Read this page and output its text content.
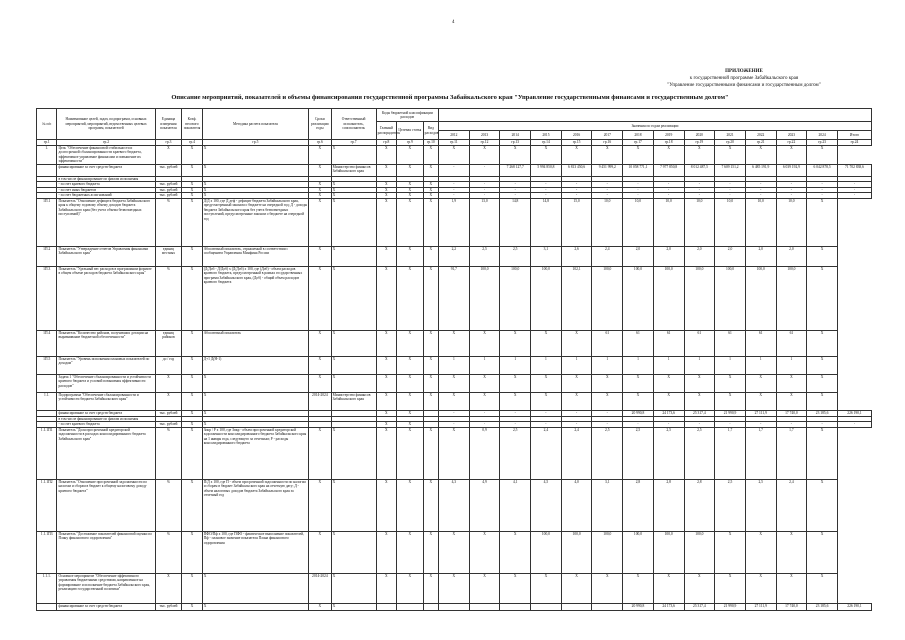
4
ПРИЛОЖЕНИЕ
к государственной программе Забайкальского края
"Управление государственными финансами и государственным долгом"
Описание мероприятий, показателей и объемы финансирования государственной программы Забайкальского края "Управление государственными финансами и государственным долгом"
№ п/п	Наименование целей, задач, подпрограмм, основных мероприятий, мероприятий, ведомственных целевых программ, показателей	Единица измерения показателя	Коэф. весового показателя	Методика расчета показателя	Сроки реализации годы	Ответственный исполнитель, соисполнитель	Коды бюджетной классификации расходов																
							Главный распорядитель	Целевая статья	Вид расходов	Значения по годам реализации													
										2012	2013	2014	2015	2016	2017	2018	2019	2020	2021	2022	2023	2024	Итого
гр.1	гр.2	гр.3	гр.4	гр.5	гр.6	гр.7	гр.8	гр.9	гр.10	гр.11	гр.12	гр.13	гр.14	гр.15	гр.16	гр.17	гр.18	гр.19	гр.20	гр.21	гр.22	гр.23	гр.24
1.	Цель "Обеспечение финансовой стабильности и долгосрочной сбалансированности краевого бюджета, эффективное управление финансами и повышение их эффективности"	X	X	X	X	X	X	X	X	X	X	X	X	X	X	X	X	X	X	X	X	X	
	финансирование за счет средств бюджета	тыс. рублей	X	X	X	Министерство финансов Забайкальского края	X	X	X	-	-	7 268 127,7	5 994 850,8	6 813 450,6	9 451 999,2	10 058 771,1	7 977 850,8	8 012 487,5	7 609 151,2	6 485 191,9	6 039 192,9	6 042 878,5	71 702 838,6
	в том числе финансирование по фактам исполнения																						
	- за счет краевого бюджета	тыс. рублей	X	X	X	X	X	X	X	-	-	-	-	-	-	-	-	-	-	-	-	-	-
	- за счет иных бюджетов	тыс. рублей	X	X	X	X	X	X	X	-	-	-	-	-	-	-	-	-	-	-	-	-	-
	- за счет бюджетных ассигнований	тыс. рублей	X	X	X	X	X	X	X	-	-	-	-	-	-	-	-	-	-	-	-	-	-
1П.1	Показатель "Отношение дефицита бюджета Забайкальского края к общему годовому объему доходов бюджета Забайкальского края (без учета объема безвозмездных поступлений)"	%	X	Д/Д х 100, где Д деф - дефицит бюджета Забайкальского края, предусмотренный законом о бюджете на очередной год; Д - доходы бюджета Забайкальского края без учета безвозмездных поступлений, предусмотренные законом о бюджете на очередной год	X	X	X	X	X	1,9	13,0	14,8	14,8	15,0	10,0	10,0	10,0	10,0	10,0	10,0	10,0	X	
1П.2	Показатель "Утверждение отчетов Управления финансами Забайкальского края"	единиц местных	X	Абсолютный показатель, отражаемый в соответствии с сообщением Управления Минфина России	X	X	X	X	X	2,2	2,5	2,5	3,1	2,6	2,4	2,0	2,0	2,0	2,0	2,0	2,0	X	
1П.3	Показатель "Удельный вес расходов в программном формате в общем объеме расходов бюджета Забайкальского края"	%	X	(Д/Доб - Д/Доб) х (Д/Доб) х 100, где (Доб) - объем расходов краевого бюджета, предусмотренный в рамках государственных программ Забайкальского края, (Доб) - общий объем расходов краевого бюджета	X	X	X	X	X	91,7	100,0	100,0	100,0	102,1	100,0	100,0	100,0	100,0	100,0	100,0	100,0	X	
1П.4	Показатель "Количество районов, получивших дотации на выравнивание бюджетной обеспеченности"	единиц районов	X	Абсолютный показатель	X	X	X	X	X	X	X	X	X	X	61	61	61	61	61	61	61	X	
1П.5	Показатель "Уровень исполнения плановых показателей по доходам"	до / год	X	Д+1 Д(Н-1)	X	X	X	X	X	1	1	1	1	1	1	1	1	1	1	1	1	X	
	Задача 1 "Обеспечение сбалансированности и устойчивости краевого бюджета и условий повышения эффективности расходов"	X	X	X	X	X	X	X	X	X	X	X	X	X	X	X	X	X	X	X	X	X	
1.1.	Подпрограмма "Обеспечение сбалансированности и устойчивости бюджета Забайкальского края"	X	X	X	2014-2024	Министерство финансов Забайкальского края	X	X	X	X	X	X	X	X	X	X	X	X	X	X	X	X	
	финансирование за счет средств бюджета	тыс. рублей	X	X			X	X		-	-	-	-	-	-	20 990,8	24 173,6	25 317,4	21 990,9	27 111,9	17 740,0	23 185,6	226 190,1
	в том числе финансирование по фактам исполнения																						
	- за счет краевого бюджета	тыс. рублей	X	X			X	X		-	-	-	-	-	-	-	-	-	-	-	-	-	-
1.1.1П1	Показатель "Доля просроченной кредиторской задолженности в расходах консолидированного бюджета Забайкальского края"	%	X	Зпкр / Р х 100, где Зпкр - объем просроченной кредиторской задолженности консолидированного бюджета Забайкальского края на 1 января года, следующего за отчетным; Р - расходы консолидированного бюджета	X	X	X	X	X	X	0,9	2,5	2,4	2,4	2,5	2,5	2,5	2,5	1,7	1,7	1,7	X	
1.1.1П2	Показатель "Отношение просроченной задолженности по налогам и сборам в бюджет к общему налоговому доходу краевого бюджета"	%	X	П/Д х 100, где П - объем просроченной задолженности по налогам и сборам в бюджет Забайкальского края на отчетную дату; Д - объем налоговых доходов бюджета Забайкальского края за отчетный год	X	X	X	X	X	4,3	4,9	4,1	4,5	4,0	3,1	2,8	2,8	2,8	2,5	2,5	2,4	X	
1.1.1П3	Показатель "Достижение показателей финансовой оценки по Плану финансового оздоровления"	%	X	ПФО/Пф х 100, где ПФО - фактическое выполнение показателей, Пф - плановое значение показателя Плана финансового оздоровления	X	X	X	X	X	X	X	X	100,0	100,0	100,0	100,0	100,0	100,0	X	X	X	X	
1.1.1.	Основное мероприятие "Обеспечение эффективного управления бюджетными средствами, направленное на формирование и исполнение бюджета Забайкальского края, реализацию государственной политики"	X	X	X	2014-2024	X	X	X	X	X	X	X	X	X	X	X	X	X	X	X	X	X	
	финансирование за счет средств бюджета	тыс. рублей	X	X	X	X										20 990,8	24 173,6	25 317,4	21 990,9	27 111,9	17 740,0	23 185,6	226 190,1
